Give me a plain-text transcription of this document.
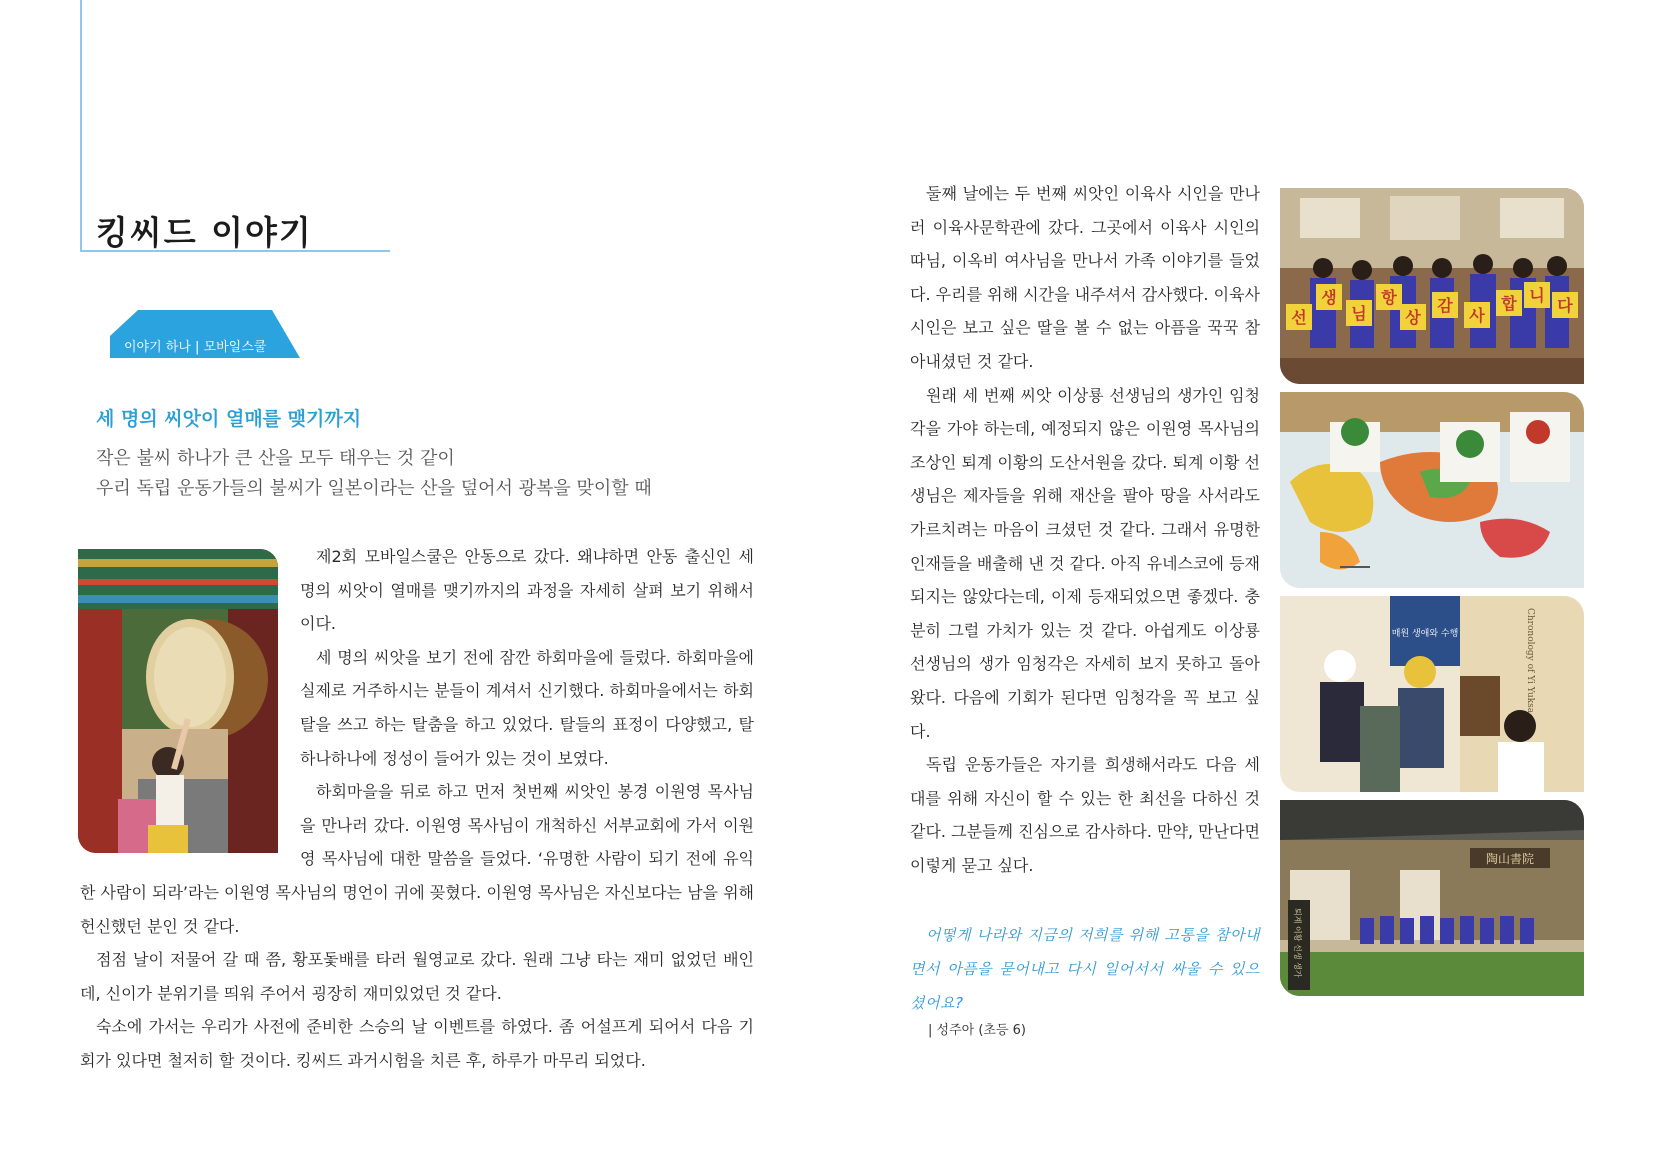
킹씨드 이야기
이야기 하나 | 모바일스쿨
세 명의 씨앗이 열매를 맺기까지
작은 불씨 하나가 큰 산을 모두 태우는 것 같이
우리 독립 운동가들의 불씨가 일본이라는 산을 덮어서 광복을 맞이할 때

제2회 모바일스쿨은 안동으로 갔다. 왜냐하면 안동 출신인 세 명의 씨앗이 열매를 맺기까지의 과정을 자세히 살펴 보기 위해서이다.

세 명의 씨앗을 보기 전에 잠깐 하회마을에 들렀다. 하회마을에 실제로 거주하시는 분들이 계셔서 신기했다. 하회마을에서는 하회탈을 쓰고 하는 탈춤을 하고 있었다. 탈들의 표정이 다양했고, 탈 하나하나에 정성이 들어가 있는 것이 보였다.

하회마을을 뒤로 하고 먼저 첫번째 씨앗인 봉경 이원영 목사님을 만나러 갔다. 이원영 목사님이 개척하신 서부교회에 가서 이원영 목사님에 대한 말씀을 들었다. ‘유명한 사람이 되기 전에 유익한 사람이 되라’라는 이원영 목사님의 명언이 귀에 꽂혔다. 이원영 목사님은 자신보다는 남을 위해 헌신했던 분인 것 같다.

점점 날이 저물어 갈 때 쯤, 황포돛배를 타러 월영교로 갔다. 원래 그냥 타는 재미 없었던 배인데, 신이가 분위기를 띄워 주어서 굉장히 재미있었던 것 같다.

숙소에 가서는 우리가 사전에 준비한 스승의 날 이벤트를 하였다. 좀 어설프게 되어서 다음 기회가 있다면 철저히 할 것이다. 킹씨드 과거시험을 치른 후, 하루가 마무리 되었다.

둘째 날에는 두 번째 씨앗인 이육사 시인을 만나러 이육사문학관에 갔다. 그곳에서 이육사 시인의 따님, 이옥비 여사님을 만나서 가족 이야기를 들었다. 우리를 위해 시간을 내주셔서 감사했다. 이육사 시인은 보고 싶은 딸을 볼 수 없는 아픔을 꾹꾹 참아내셨던 것 같다.

원래 세 번째 씨앗 이상룡 선생님의 생가인 임청각을 가야 하는데, 예정되지 않은 이원영 목사님의 조상인 퇴계 이황의 도산서원을 갔다. 퇴계 이황 선생님은 제자들을 위해 재산을 팔아 땅을 사서라도 가르치려는 마음이 크셨던 것 같다. 그래서 유명한 인재들을 배출해 낸 것 같다. 아직 유네스코에 등재되지는 않았다는데, 이제 등재되었으면 좋겠다. 충분히 그럴 가치가 있는 것 같다. 아쉽게도 이상룡 선생님의 생가 임청각은 자세히 보지 못하고 돌아왔다. 다음에 기회가 된다면 임청각을 꼭 보고 싶다.

독립 운동가들은 자기를 희생해서라도 다음 세대를 위해 자신이 할 수 있는 한 최선을 다하신 것 같다. 그분들께 진심으로 감사하다. 만약, 만난다면 이렇게 묻고 싶다.

어떻게 나라와 지금의 저희를 위해 고통을 참아내면서 아픔을 묻어내고 다시 일어서서 싸울 수 있으셨어요?

| 성주아 (초등 6)
선
생
님
항
상
감
사
합 니
다
매원 생애와 수행	Chronology of Yi Yuksa
陶山書院
퇴계 이황 선생 생가
